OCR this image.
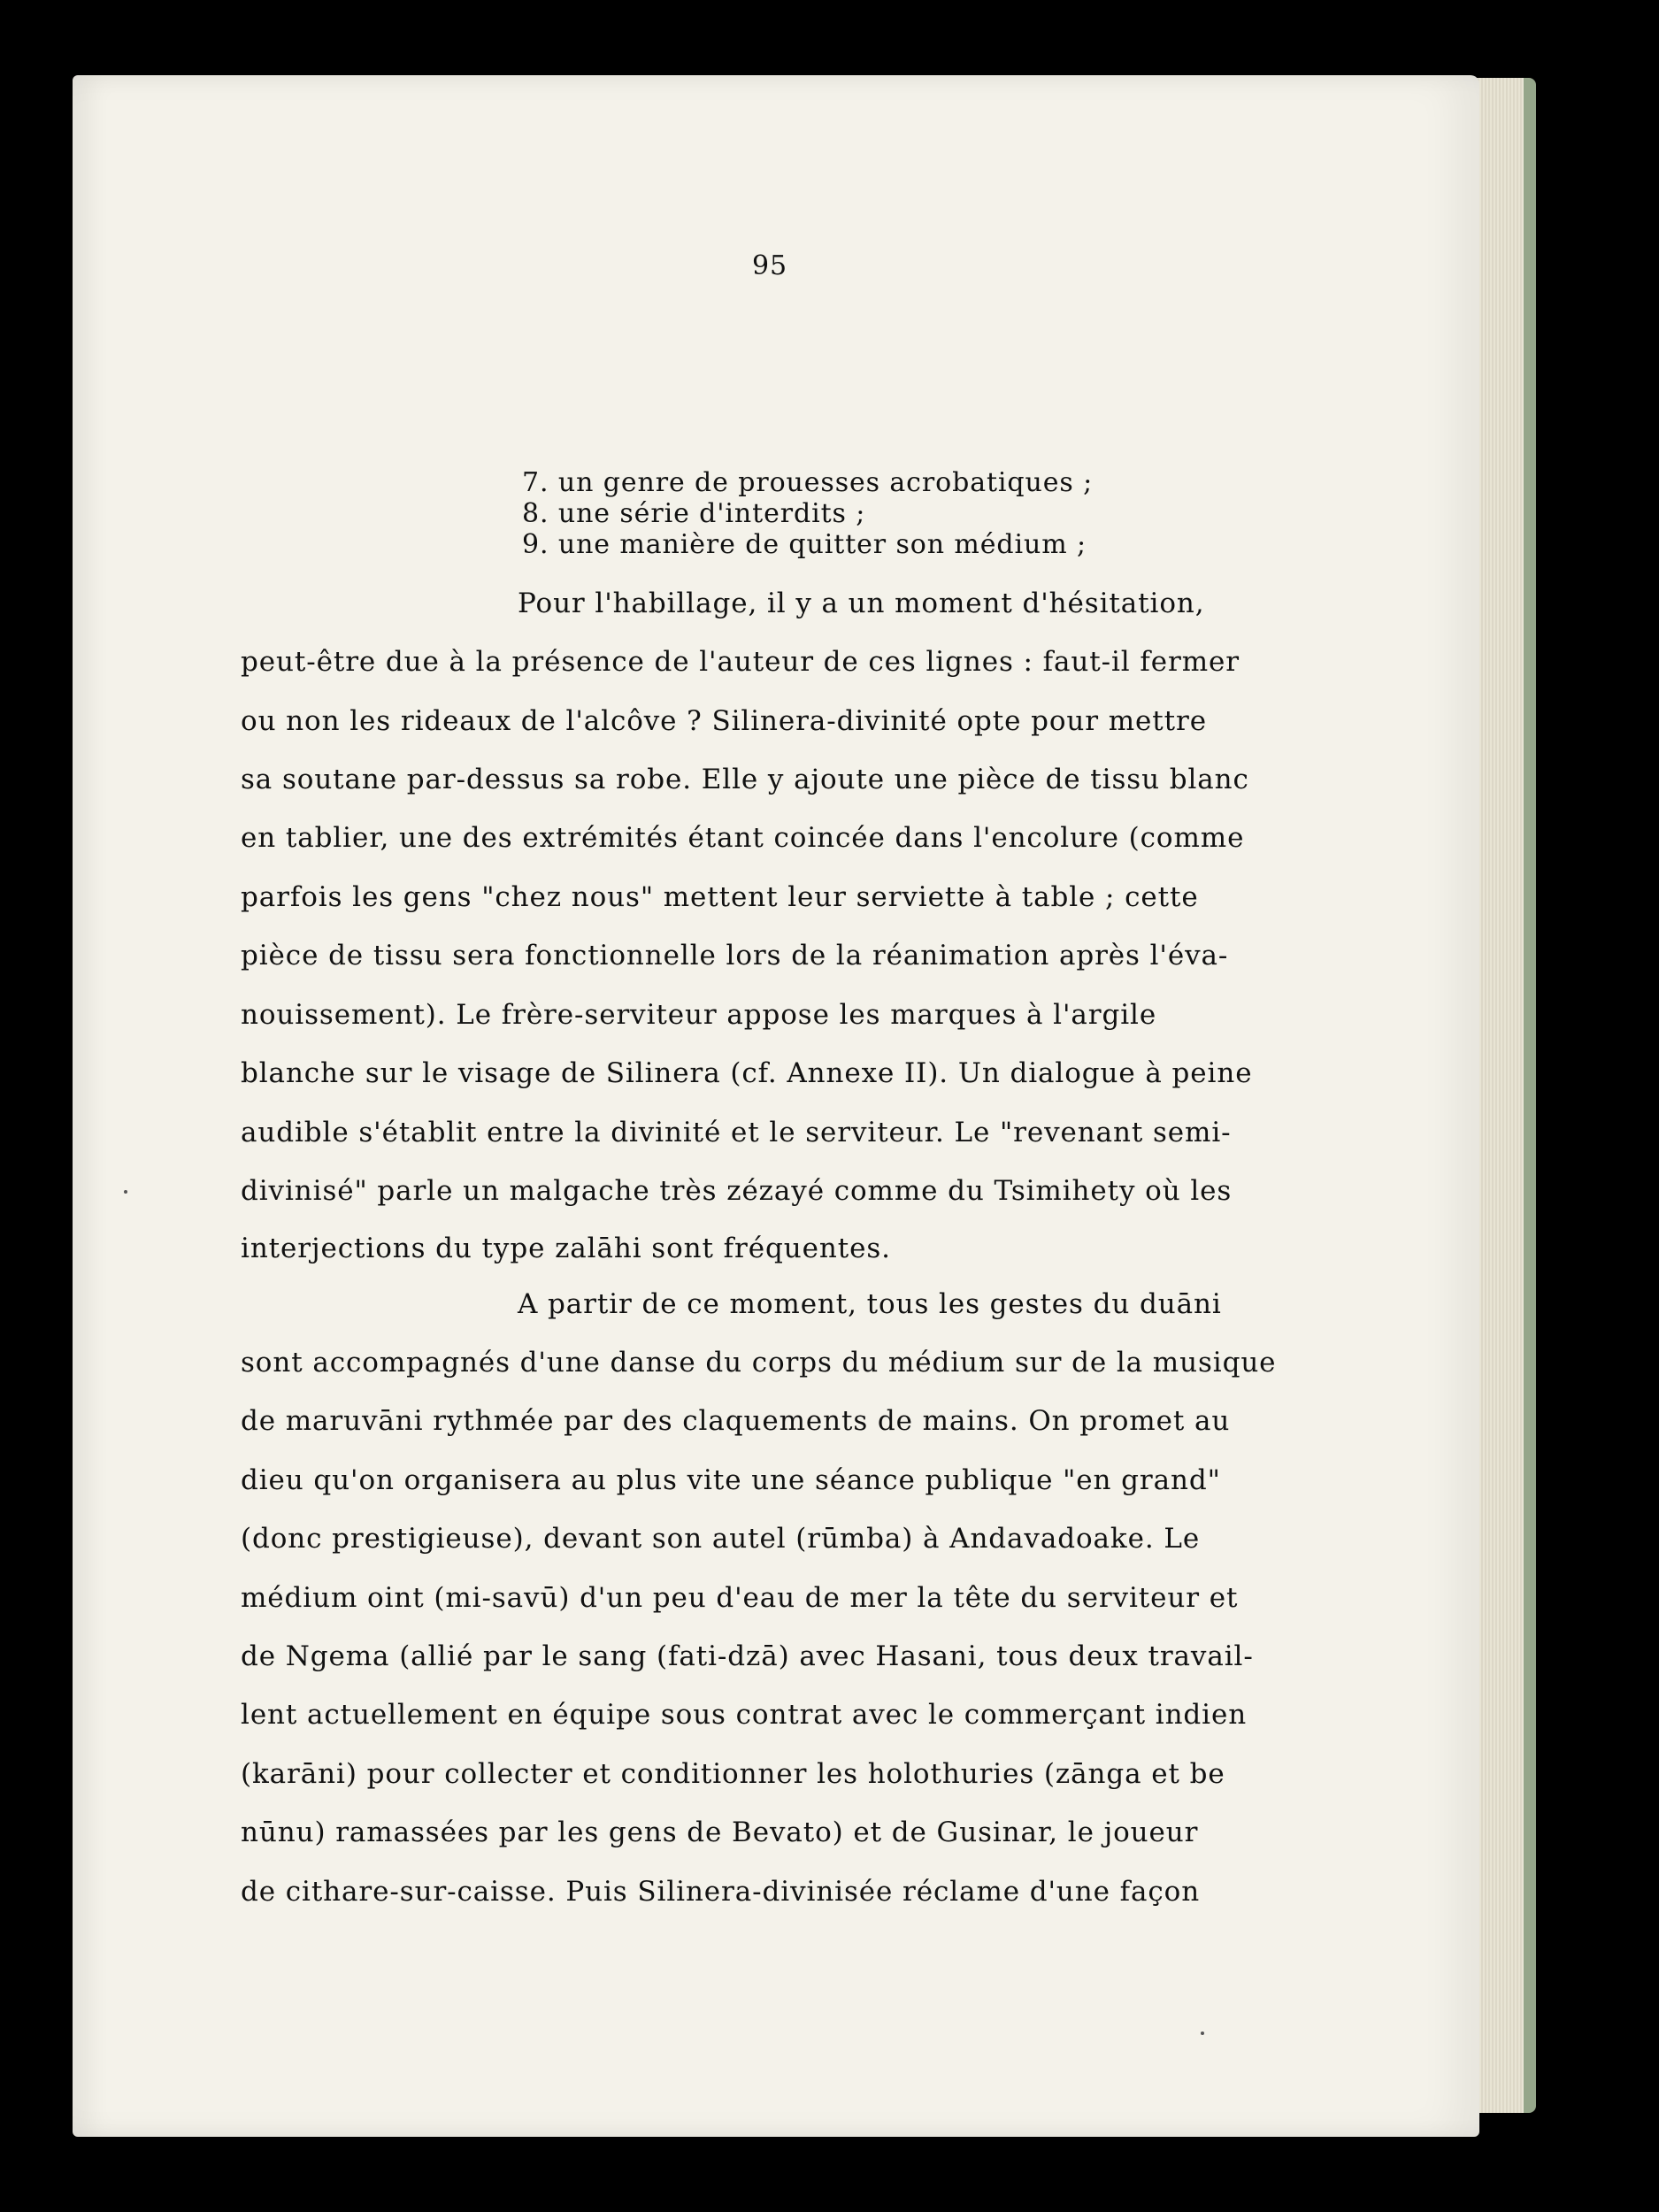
95
7. un genre de prouesses acrobatiques ;
8. une série d'interdits ;
9. une manière de quitter son médium ;
Pour l'habillage, il y a un moment d'hésitation,
peut-être due à la présence de l'auteur de ces lignes : faut-il fermer
ou non les rideaux de l'alcôve ? Silinera-divinité opte pour mettre
sa soutane par-dessus sa robe. Elle y ajoute une pièce de tissu blanc
en tablier, une des extrémités étant coincée dans l'encolure (comme
parfois les gens "chez nous" mettent leur serviette à table ; cette
pièce de tissu sera fonctionnelle lors de la réanimation après l'éva-
nouissement). Le frère-serviteur appose les marques à l'argile
blanche sur le visage de Silinera (cf. Annexe II). Un dialogue à peine
audible s'établit entre la divinité et le serviteur. Le "revenant semi-
divinisé" parle un malgache très zézayé comme du Tsimihety où les
interjections du type zalāhi sont fréquentes.
A partir de ce moment, tous les gestes du duāni
sont accompagnés d'une danse du corps du médium sur de la musique
de maruvāni rythmée par des claquements de mains. On promet au
dieu qu'on organisera au plus vite une séance publique "en grand"
(donc prestigieuse), devant son autel (rūmba) à Andavadoake. Le
médium oint (mi-savū) d'un peu d'eau de mer la tête du serviteur et
de Ngema (allié par le sang (fati-dzā) avec Hasani, tous deux travail-
lent actuellement en équipe sous contrat avec le commerçant indien
(karāni) pour collecter et conditionner les holothuries (zānga et be
nūnu) ramassées par les gens de Bevato) et de Gusinar, le joueur
de cithare-sur-caisse. Puis Silinera-divinisée réclame d'une façon
